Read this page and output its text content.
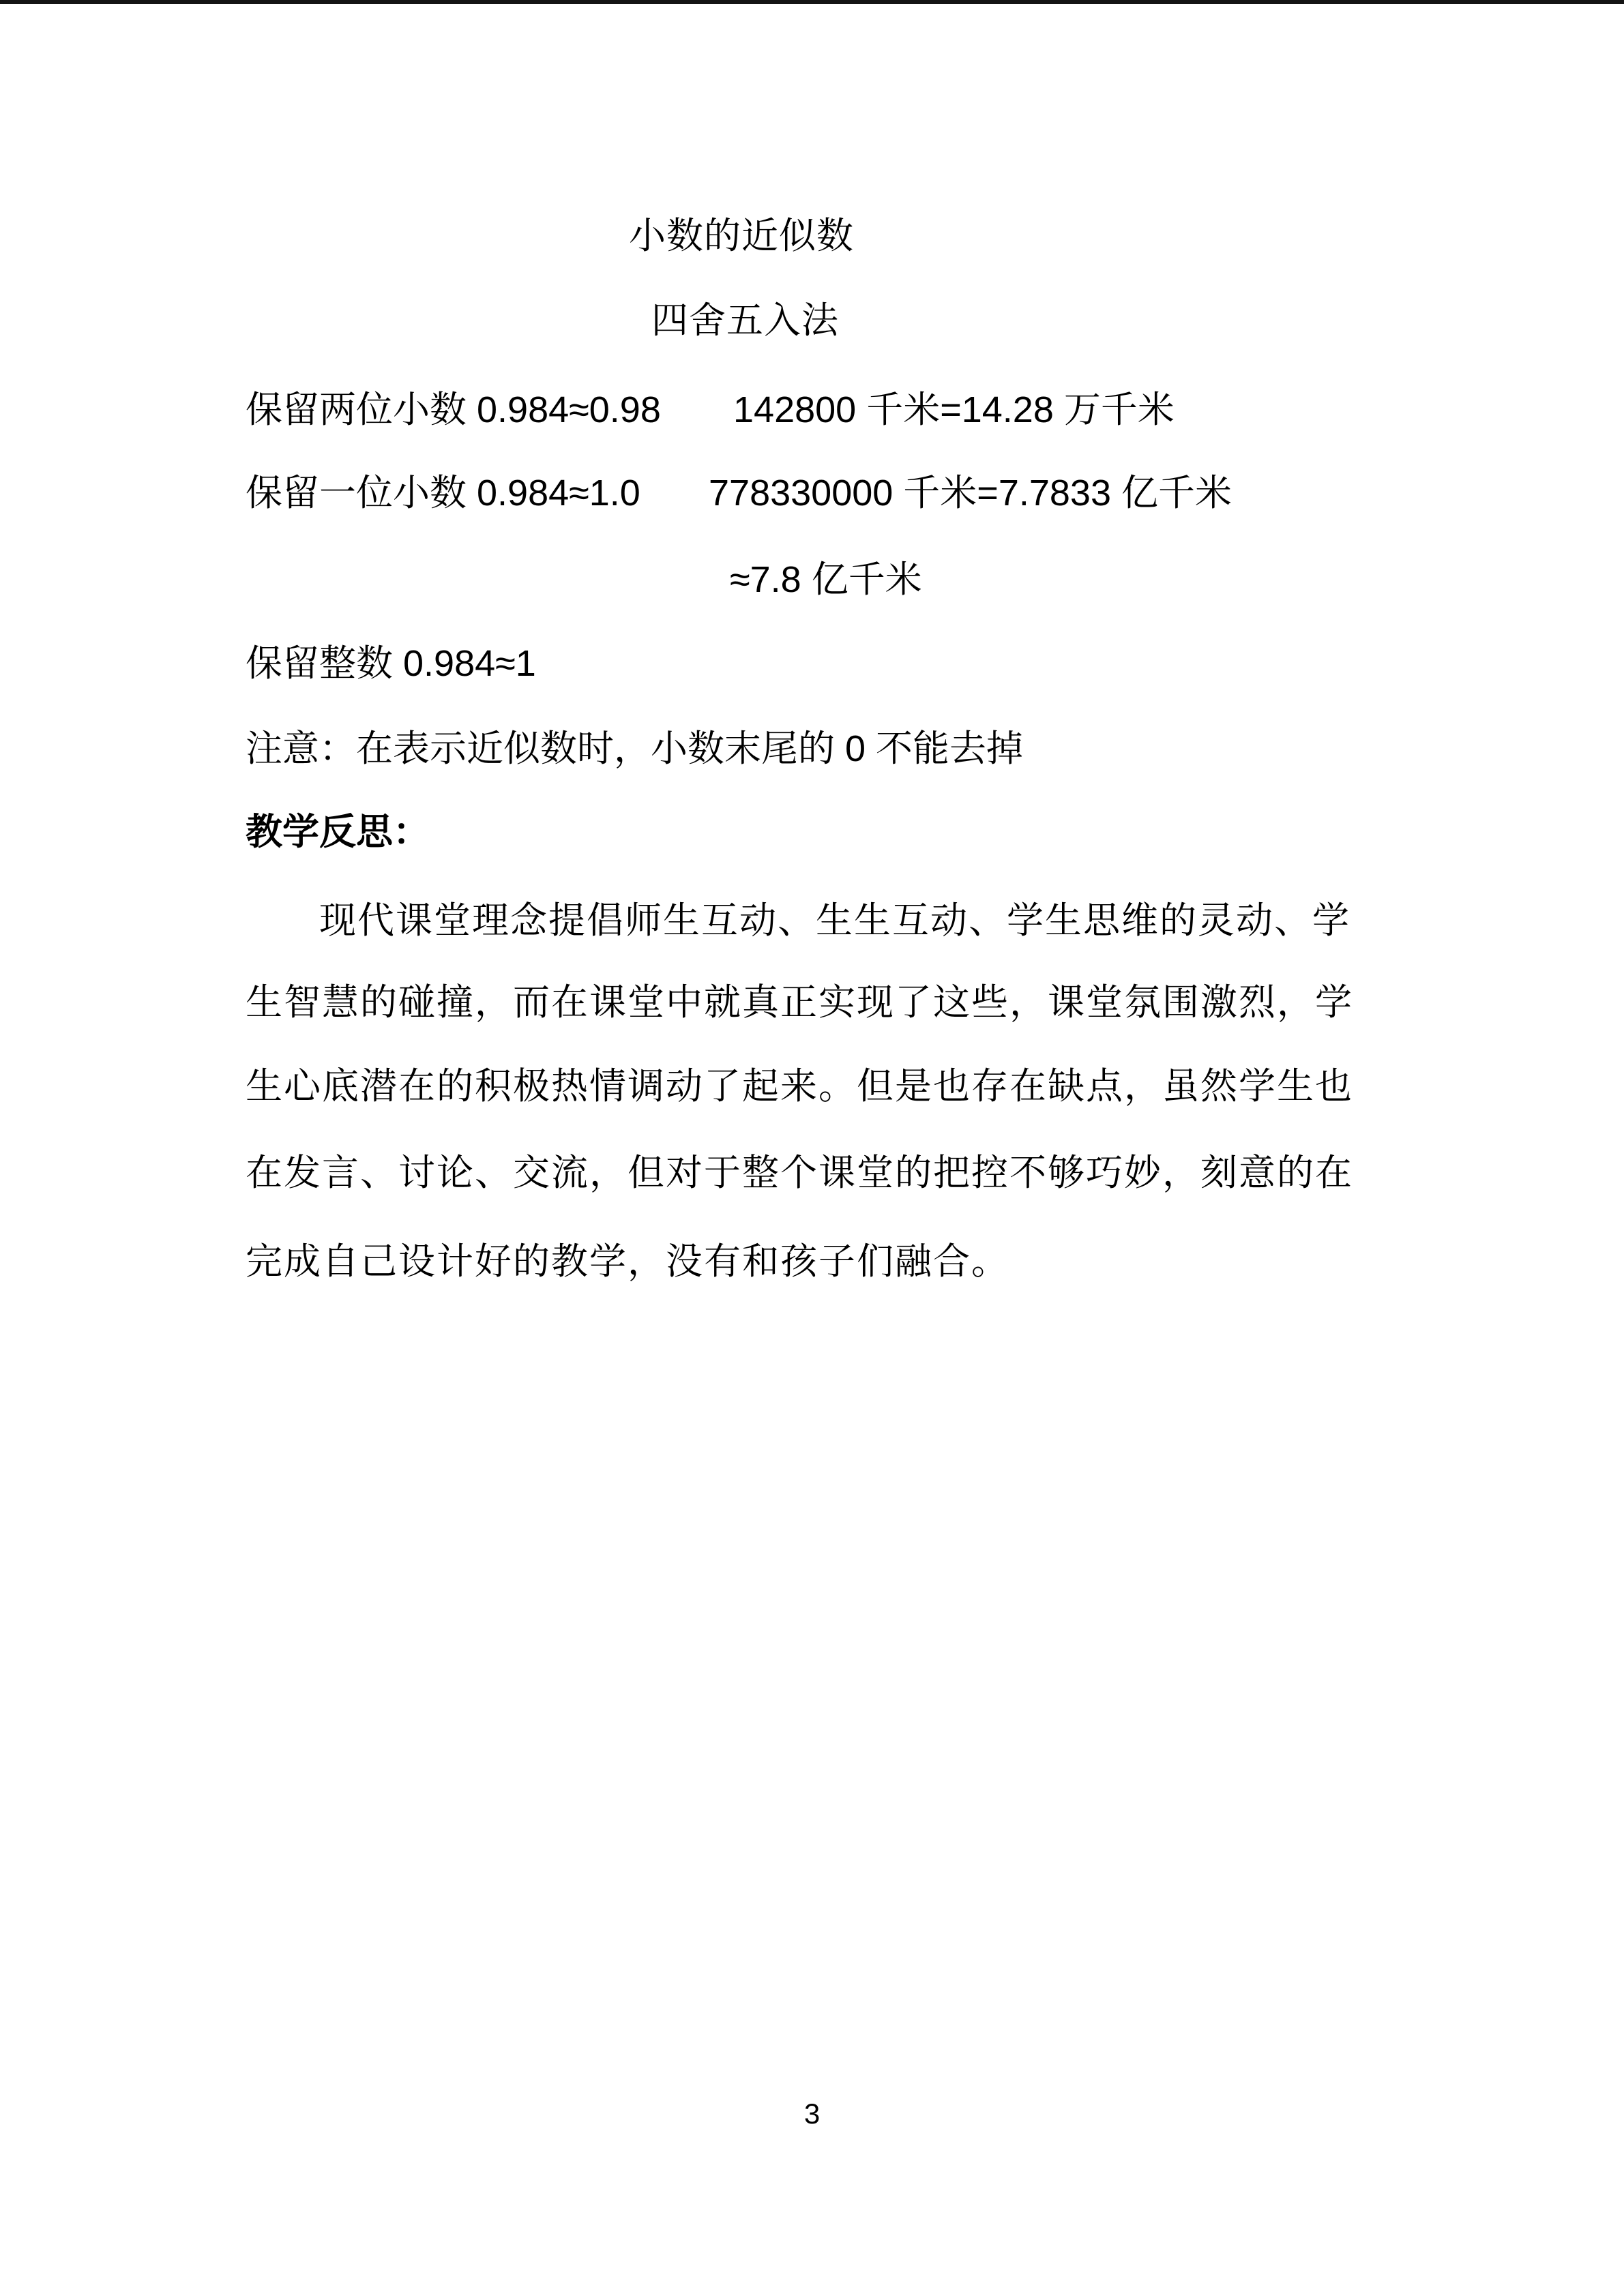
小数的近似数
四舍五入法
保留两位小数 0.984≈0.98 142800 千米=14.28 万千米
保留一位小数 0.984≈1.0 778330000 千米=7.7833 亿千米
≈7.8 亿千米
保留整数 0.984≈1
注意：在表示近似数时，小数末尾的 0 不能去掉
教学反思：
现代课堂理念提倡师生互动、生生互动、学生思维的灵动、学
生智慧的碰撞，而在课堂中就真正实现了这些，课堂氛围激烈，学
生心底潜在的积极热情调动了起来。但是也存在缺点，虽然学生也
在发言、讨论、交流，但对于整个课堂的把控不够巧妙，刻意的在
完成自己设计好的教学，没有和孩子们融合。
3
